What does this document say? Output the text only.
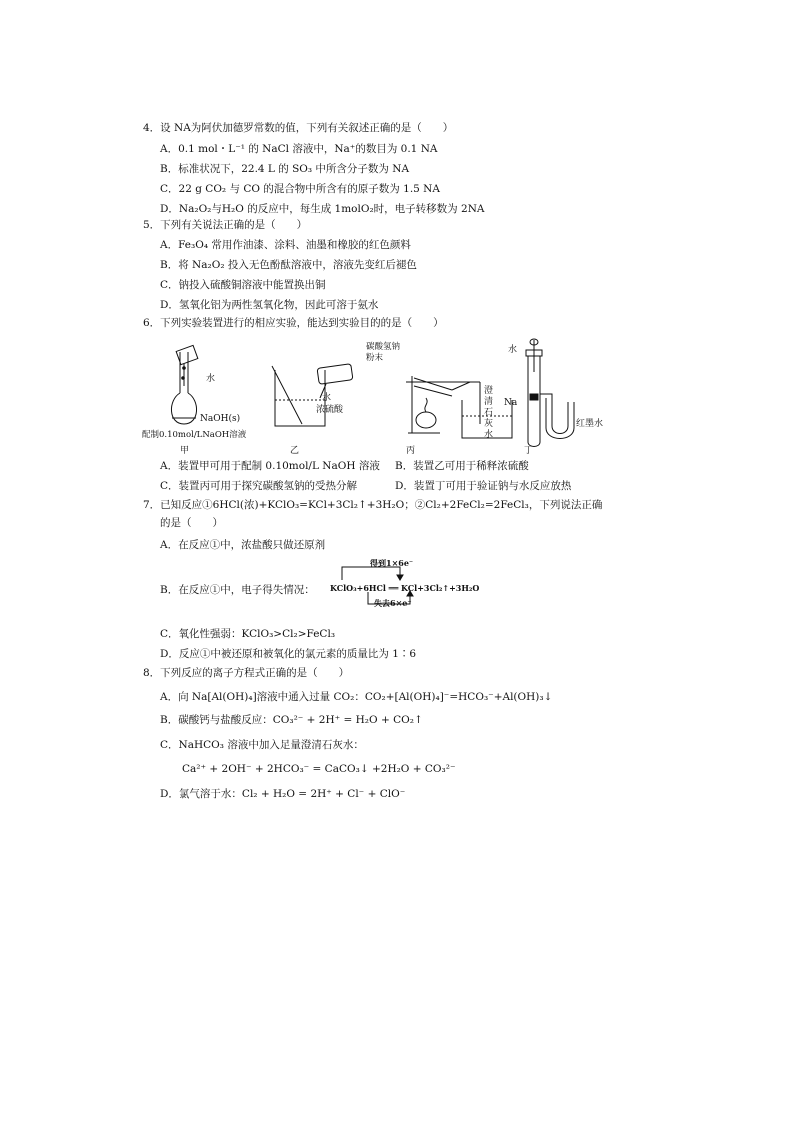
4．设 NA为阿伏加德罗常数的值，下列有关叙述正确的是（　　）
A．0.1 mol・L⁻¹ 的 NaCl 溶液中，Na⁺的数目为 0.1 NA
B．标准状况下，22.4 L 的 SO₃ 中所含分子数为 NA
C．22 g CO₂ 与 CO 的混合物中所含有的原子数为 1.5 NA
D．Na₂O₂与H₂O 的反应中，每生成 1molO₂时，电子转移数为 2NA
5．下列有关说法正确的是（　　）
A．Fe₃O₄ 常用作油漆、涂料、油墨和橡胶的红色颜料
B．将 Na₂O₂ 投入无色酚酞溶液中，溶液先变红后褪色
C．钠投入硫酸铜溶液中能置换出铜
D．氢氧化铝为两性氢氧化物，因此可溶于氨水
6．下列实验装置进行的相应实验，能达到实验目的的是（　　）
水
NaOH(s)
配制0.10mol/LNaOH溶液
甲
水
浓硫酸
乙
碳酸氢钠粉末
澄清石灰水
丙
水
Na
红墨水
丁
A．装置甲可用于配制 0.10mol/L NaOH 溶液 B．装置乙可用于稀释浓硫酸
C．装置丙可用于探究碳酸氢钠的受热分解	D．装置丁可用于验证钠与水反应放热
7．已知反应①6HCl(浓)+KClO₃=KCl+3Cl₂↑+3H₂O；②Cl₂+2FeCl₂=2FeCl₃，下列说法正确
的是（　　）
A．在反应①中，浓盐酸只做还原剂
B．在反应①中，电子得失情况：
得到1×6e⁻
KClO₃+6HCl ══ KCl+3Cl₂↑+3H₂O
失去6×e⁻
C．氧化性强弱：KClO₃>Cl₂>FeCl₃
D．反应①中被还原和被氧化的氯元素的质量比为 1∶6
8．下列反应的离子方程式正确的是（　　）
A．向 Na[Al(OH)₄]溶液中通入过量 CO₂：CO₂+[Al(OH)₄]⁻=HCO₃⁻+Al(OH)₃↓
B．碳酸钙与盐酸反应：CO₃²⁻ + 2H⁺ = H₂O + CO₂↑
C．NaHCO₃ 溶液中加入足量澄清石灰水：
Ca²⁺ + 2OH⁻ + 2HCO₃⁻ = CaCO₃↓ +2H₂O + CO₃²⁻
D．氯气溶于水：Cl₂ + H₂O = 2H⁺ + Cl⁻ + ClO⁻
